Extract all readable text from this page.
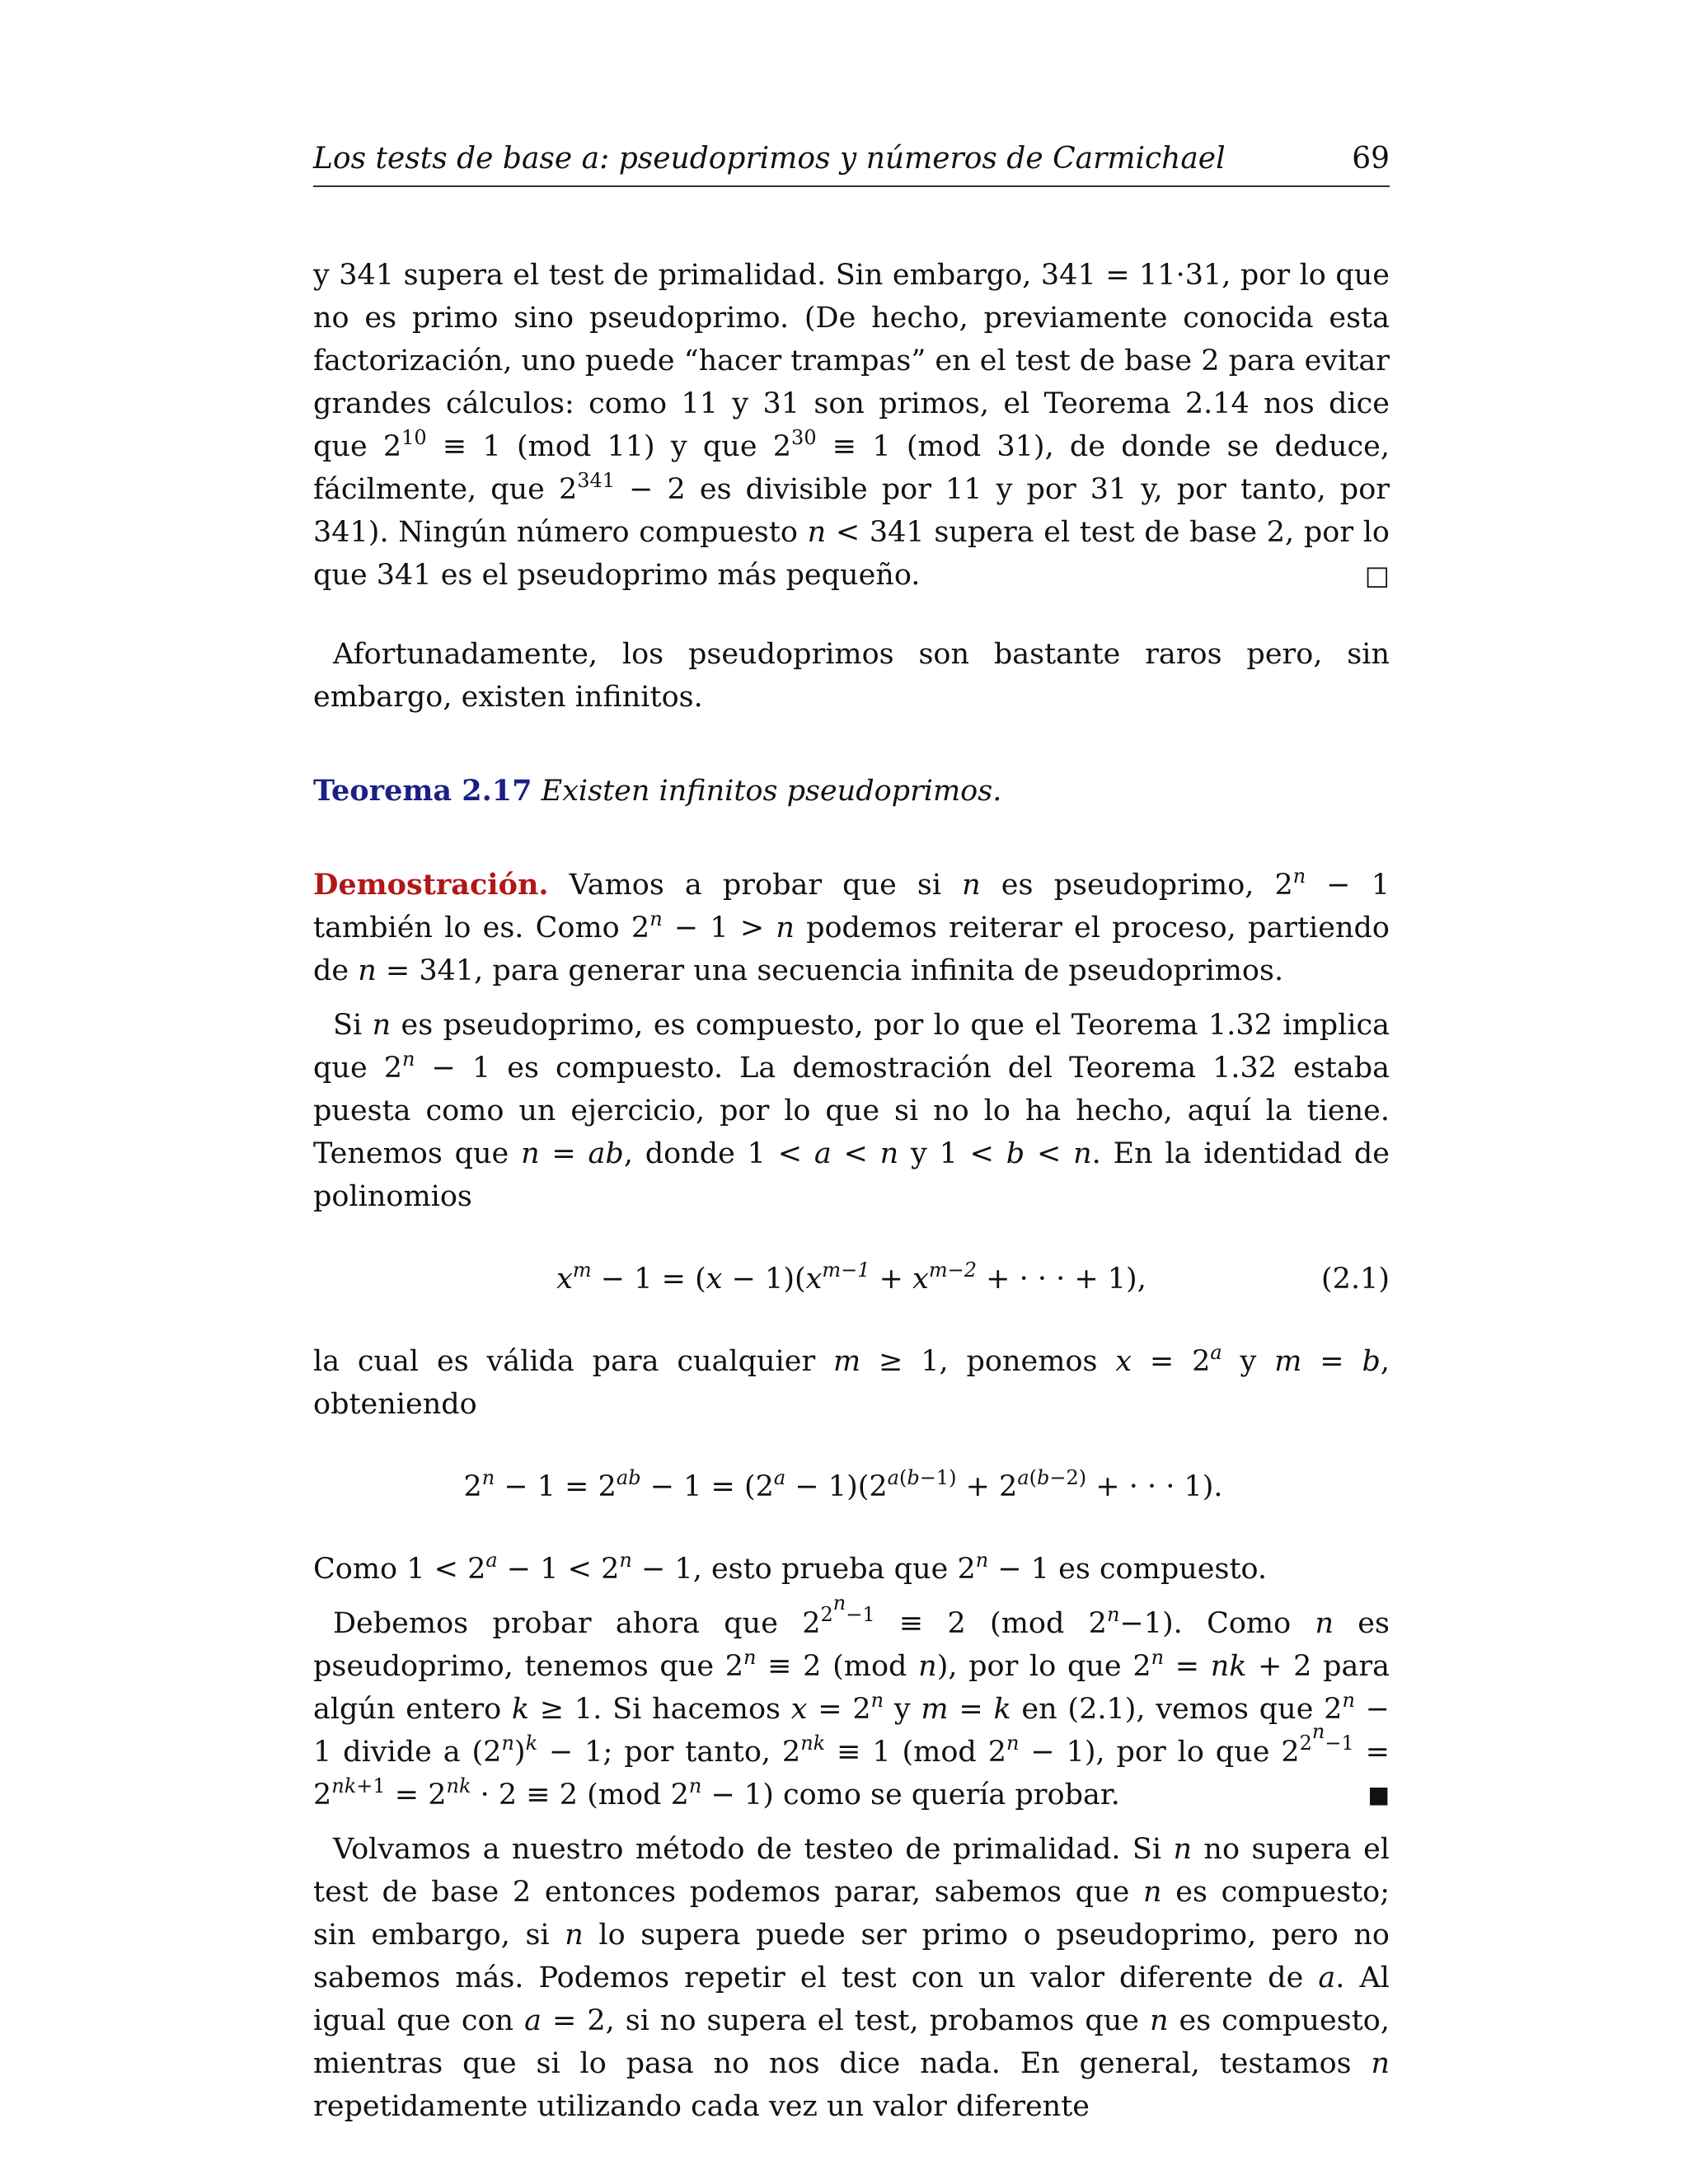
Los tests de base a: pseudoprimos y números de Carmichael	69

y 341 supera el test de primalidad. Sin embargo, 341 = 11·31, por lo que no es primo sino pseudoprimo. (De hecho, previamente conocida esta factorización, uno puede “hacer trampas” en el test de base 2 para evitar grandes cálculos: como 11 y 31 son primos, el Teorema 2.14 nos dice que $2^{10} \equiv 1$ (mod 11) y que $2^{30} \equiv 1$ (mod 31), de donde se deduce, fácilmente, que $2^{341} - 2$ es divisible por 11 y por 31 y, por tanto, por 341). Ningún número compuesto n < 341 supera el test de base 2, por lo que 341 es el pseudoprimo más pequeño.	□

Afortunadamente, los pseudoprimos son bastante raros pero, sin embargo, existen infinitos.

Teorema 2.17 Existen infinitos pseudoprimos.

Demostración. Vamos a probar que si n es pseudoprimo, $2^n - 1$ también lo es. Como $2^n - 1 > n$ podemos reiterar el proceso, partiendo de n = 341, para generar una secuencia infinita de pseudoprimos.

Si n es pseudoprimo, es compuesto, por lo que el Teorema 1.32 implica que $2^n - 1$ es compuesto. La demostración del Teorema 1.32 estaba puesta como un ejercicio, por lo que si no lo ha hecho, aquí la tiene. Tenemos que n = ab, donde 1 < a < n y 1 < b < n. En la identidad de polinomios

$x^m - 1 = (x - 1)(x^{m-1} + x^{m-2}$ + · · · + 1),	(2.1)

la cual es válida para cualquier m ≥ 1, ponemos $x = 2^a$ y m = b, obteniendo

$2^n - 1 = 2^{ab} - 1 = (2^a - 1)(2^{a(b-1)} + 2^{a(b-2)}$ + · · · 1).

Como $1 < 2^a - 1 < 2^n - 1$, esto prueba que $2^n - 1$ es compuesto.

Debemos probar ahora que $2^{2^n-1} \equiv 2$ (mod $2^n-1$). Como n es pseudoprimo, tenemos que $2^n \equiv 2$ (mod n), por lo que $2^n$ = nk + 2 para algún entero k ≥ 1. Si hacemos $x = 2^n$ y m = k en (2.1), vemos que $2^n - 1$ divide a $(2^n)^k - 1$; por tanto, $2^{nk} \equiv 1$ (mod $2^n - 1$), por lo que $2^{2^n-1} = 2^{nk+1} = 2^{nk} \cdot 2 \equiv 2$ (mod $2^n - 1$) como se quería probar.	■

Volvamos a nuestro método de testeo de primalidad. Si n no supera el test de base 2 entonces podemos parar, sabemos que n es compuesto; sin embargo, si n lo supera puede ser primo o pseudoprimo, pero no sabemos más. Podemos repetir el test con un valor diferente de a. Al igual que con a = 2, si no supera el test, probamos que n es compuesto, mientras que si lo pasa no nos dice nada. En general, testamos n repetidamente utilizando cada vez un valor diferente
